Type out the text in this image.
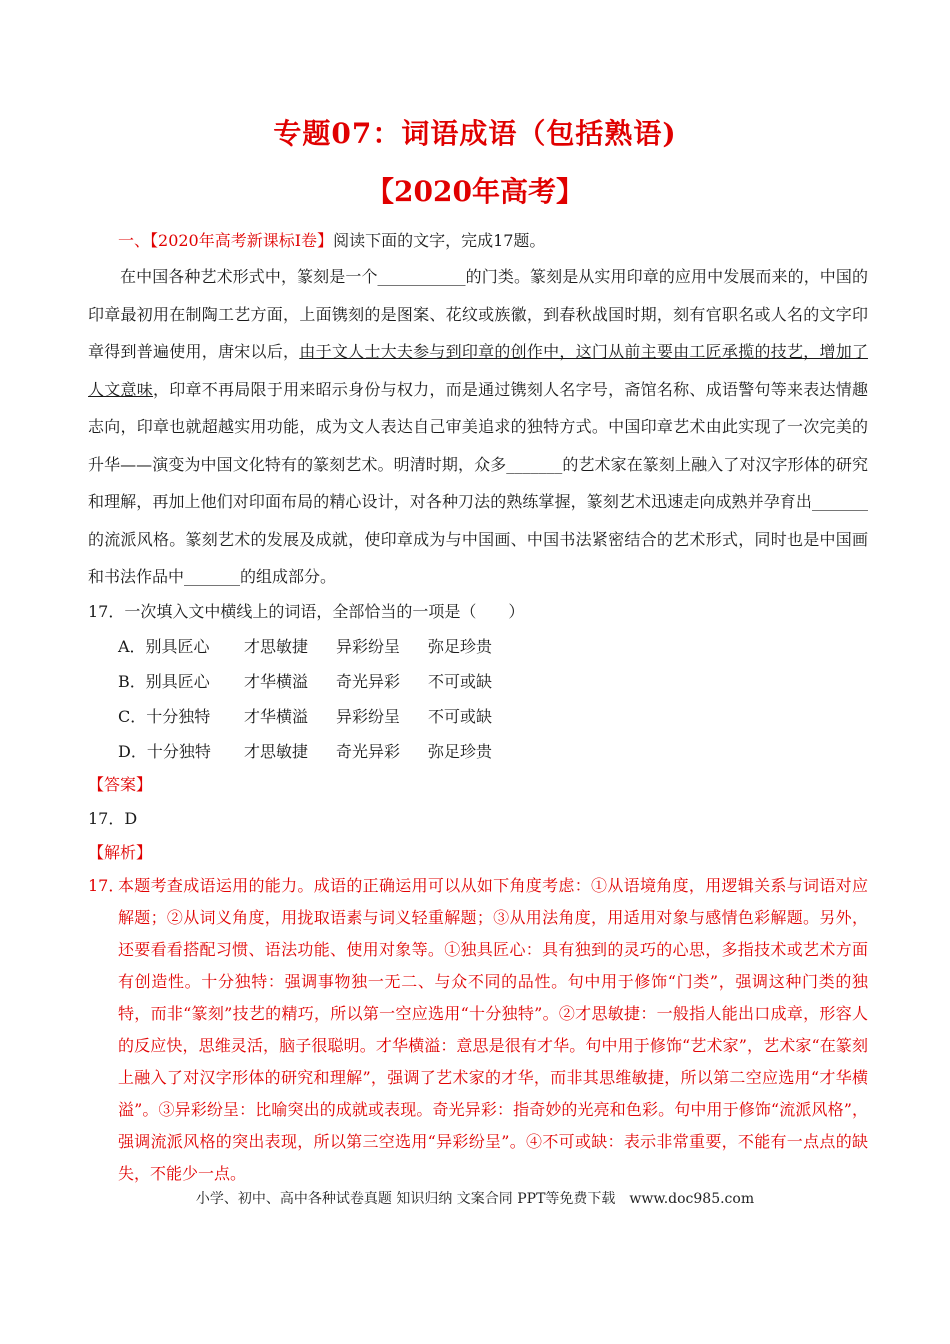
专题07：词语成语（包括熟语)
【2020年高考】
一、【2020年高考新课标Ⅰ卷】阅读下面的文字，完成17题。

在中国各种艺术形式中，篆刻是一个___________的门类。篆刻是从实用印章的应用中发展而来的，中国的印章最初用在制陶工艺方面，上面镌刻的是图案、花纹或族徽，到春秋战国时期，刻有官职名或人名的文字印章得到普遍使用，唐宋以后，由于文人士大夫参与到印章的创作中，这门从前主要由工匠承揽的技艺，增加了人文意味，印章不再局限于用来昭示身份与权力，而是通过镌刻人名字号，斋馆名称、成语警句等来表达情趣志向，印章也就超越实用功能，成为文人表达自己审美追求的独特方式。中国印章艺术由此实现了一次完美的升华——演变为中国文化特有的篆刻艺术。明清时期，众多_______的艺术家在篆刻上融入了对汉字形体的研究和理解，再加上他们对印面布局的精心设计，对各种刀法的熟练掌握，篆刻艺术迅速走向成熟并孕育出_______的流派风格。篆刻艺术的发展及成就，使印章成为与中国画、中国书法紧密结合的艺术形式，同时也是中国画和书法作品中_______的组成部分。

17．一次填入文中横线上的词语，全部恰当的一项是（　　）

A．别具匠心	才思敏捷	异彩纷呈	弥足珍贵
B．别具匠心	才华横溢	奇光异彩	不可或缺
C．十分独特	才华横溢	异彩纷呈	不可或缺
D．十分独特	才思敏捷	奇光异彩	弥足珍贵

【答案】

17．D

【解析】

17．
本题考查成语运用的能力。成语的正确运用可以从如下角度考虑：①从语境角度，用逻辑关系与词语对应解题；②从词义角度，用拢取语素与词义轻重解题；③从用法角度，用适用对象与感情色彩解题。另外，还要看看搭配习惯、语法功能、使用对象等。①独具匠心：具有独到的灵巧的心思，多指技术或艺术方面有创造性。十分独特：强调事物独一无二、与众不同的品性。句中用于修饰“门类”，强调这种门类的独特，而非“篆刻”技艺的精巧，所以第一空应选用“十分独特”。②才思敏捷：一般指人能出口成章，形容人的反应快，思维灵活，脑子很聪明。才华横溢：意思是很有才华。句中用于修饰“艺术家”，艺术家“在篆刻上融入了对汉字形体的研究和理解”，强调了艺术家的才华，而非其思维敏捷，所以第二空应选用“才华横溢”。③异彩纷呈：比喻突出的成就或表现。奇光异彩：指奇妙的光亮和色彩。句中用于修饰“流派风格”，强调流派风格的突出表现，所以第三空选用“异彩纷呈”。④不可或缺：表示非常重要，不能有一点点的缺失，不能少一点。
小学、初中、高中各种试卷真题 知识归纳 文案合同 PPT等免费下载　www.doc985.com
